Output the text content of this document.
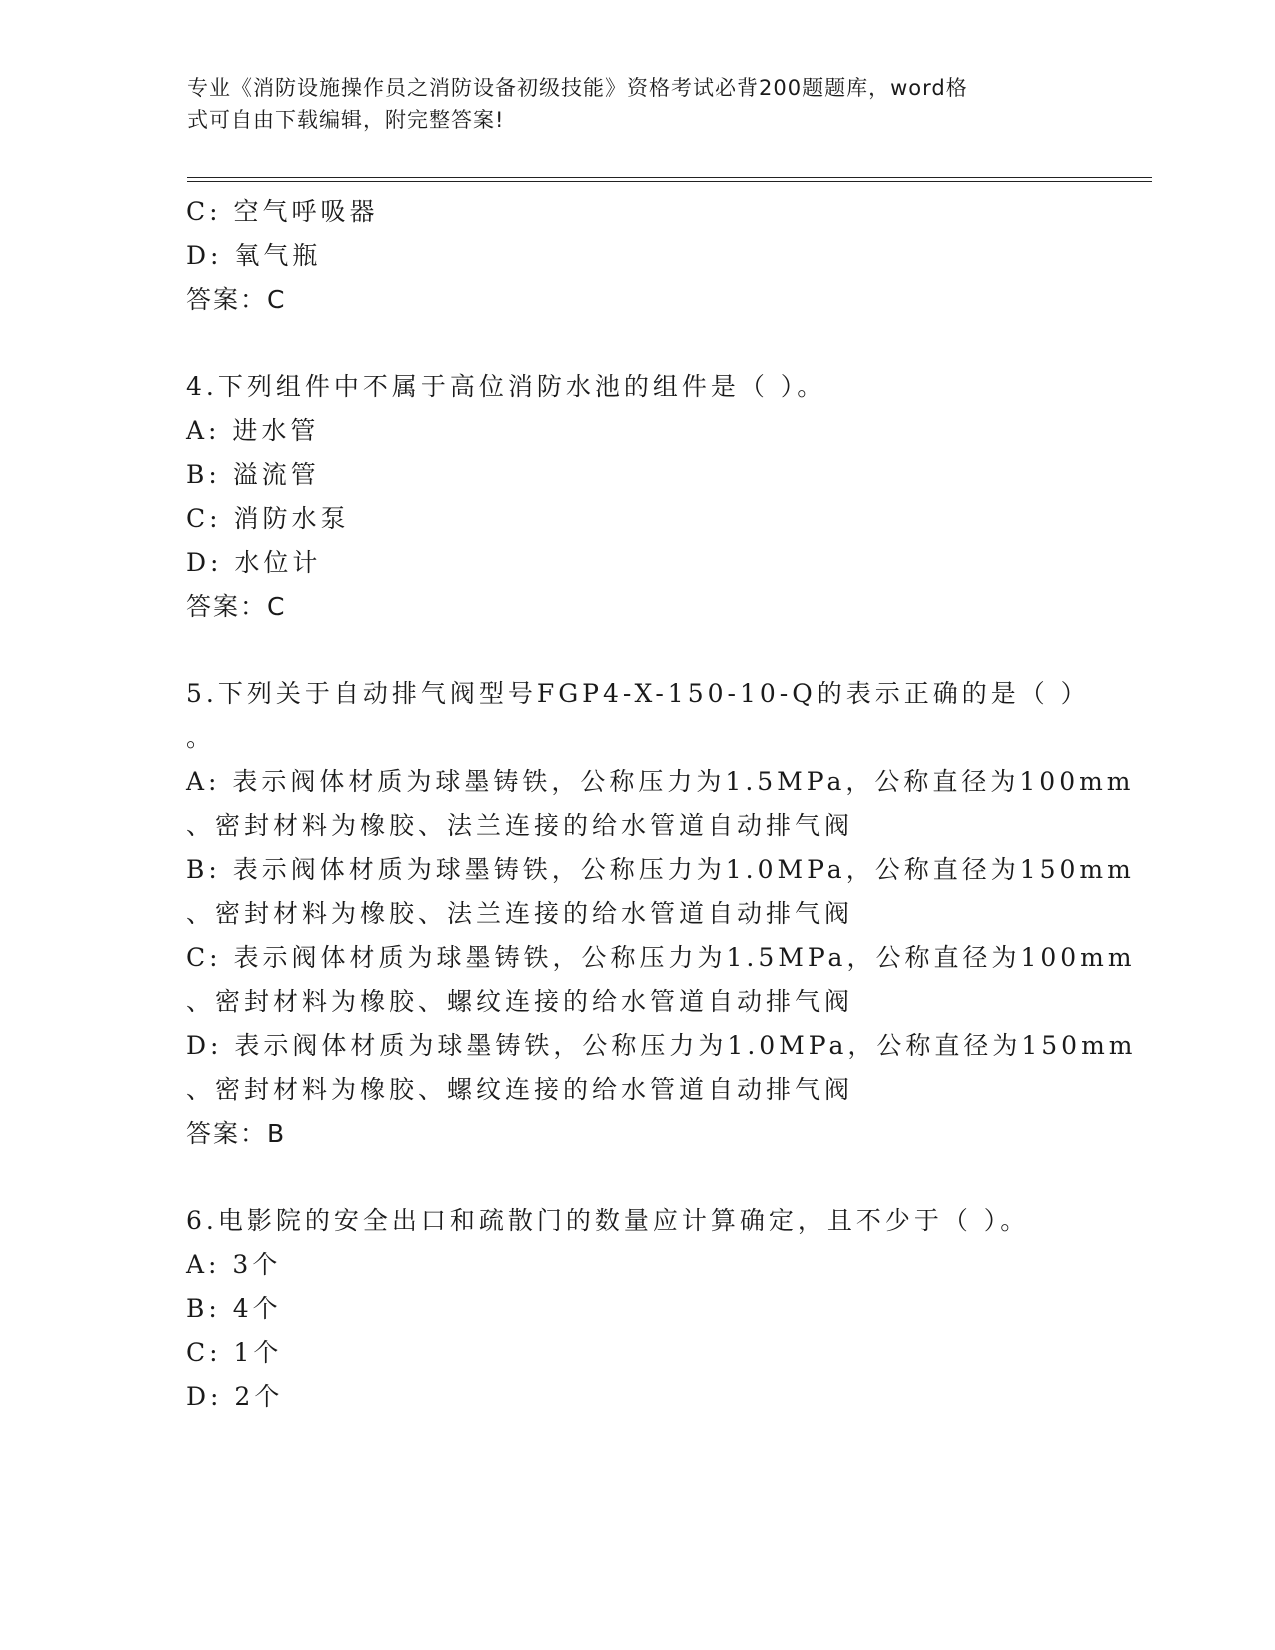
专业《消防设施操作员之消防设备初级技能》资格考试必背200题题库，word格
式可自由下载编辑，附完整答案!
C: 空气呼吸器
D: 氧气瓶
答案：C
4.下列组件中不属于高位消防水池的组件是（ ）。
A: 进水管
B: 溢流管
C: 消防水泵
D: 水位计
答案：C
5.下列关于自动排气阀型号FGP4-X-150-10-Q的表示正确的是（ ）
。
A: 表示阀体材质为球墨铸铁，公称压力为1.5MPa，公称直径为100mm
、密封材料为橡胶、法兰连接的给水管道自动排气阀
B: 表示阀体材质为球墨铸铁，公称压力为1.0MPa，公称直径为150mm
、密封材料为橡胶、法兰连接的给水管道自动排气阀
C: 表示阀体材质为球墨铸铁，公称压力为1.5MPa，公称直径为100mm
、密封材料为橡胶、螺纹连接的给水管道自动排气阀
D: 表示阀体材质为球墨铸铁，公称压力为1.0MPa，公称直径为150mm
、密封材料为橡胶、螺纹连接的给水管道自动排气阀
答案：B
6.电影院的安全出口和疏散门的数量应计算确定，且不少于（ ）。
A: 3个
B: 4个
C: 1个
D: 2个
